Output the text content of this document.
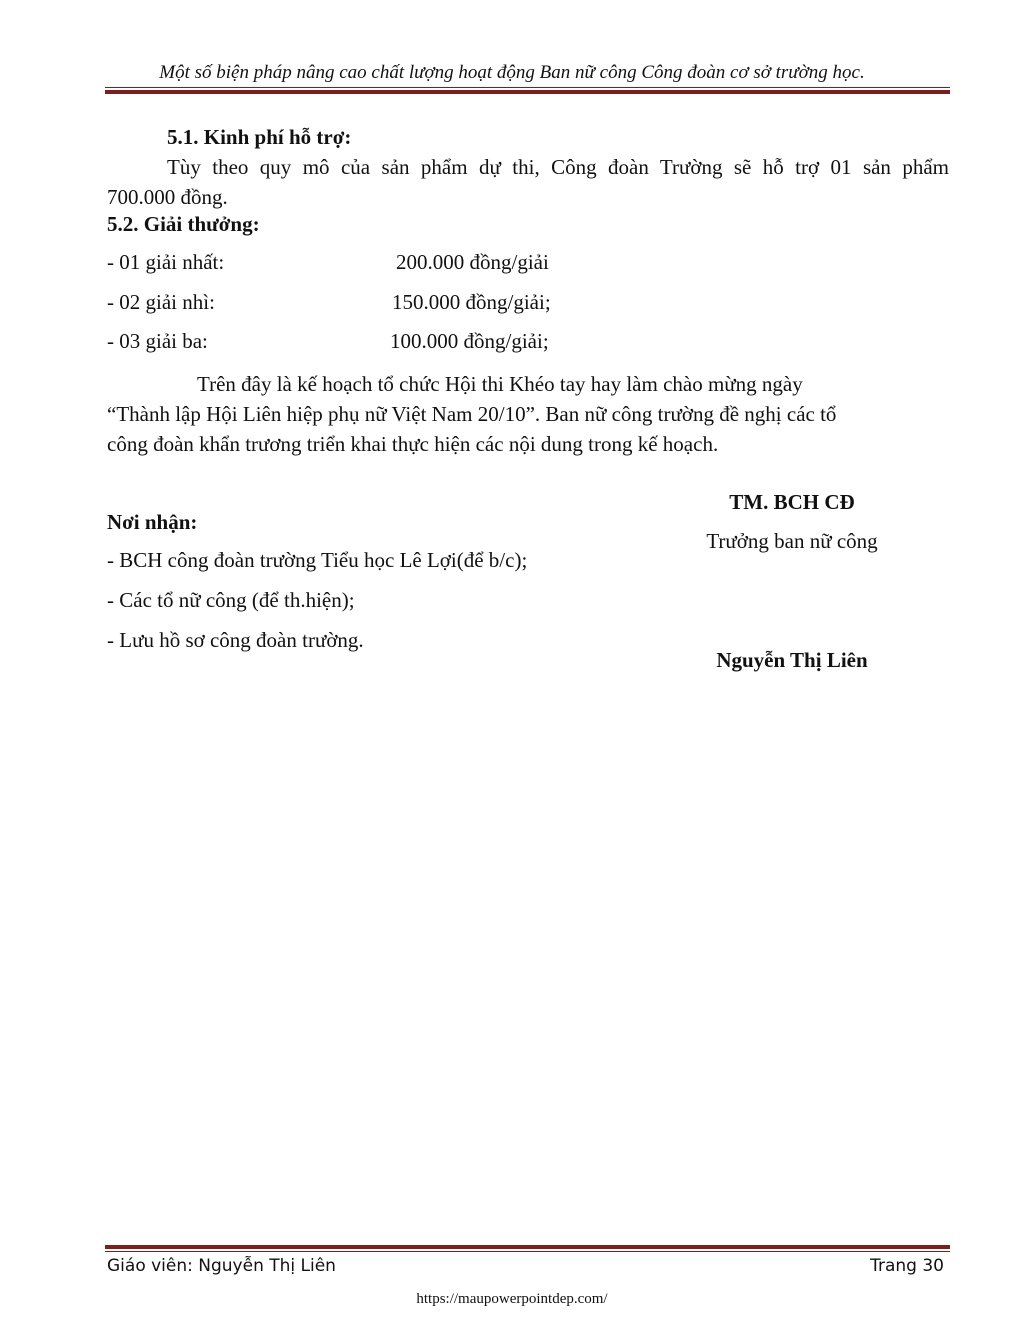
Một số biện pháp nâng cao chất lượng hoạt động Ban nữ công Công đoàn cơ sở trường học.
5.1. Kinh phí hỗ trợ:
Tùy theo quy mô của sản phẩm dự thi, Công đoàn Trường sẽ hỗ trợ 01 sản phẩm
700.000 đồng.
5.2. Giải thưởng:
- 01 giải nhất:	200.000 đồng/giải
- 02 giải nhì:	150.000 đồng/giải;
- 03 giải ba:	100.000 đồng/giải;
Trên đây là kế hoạch tổ chức Hội thi Khéo tay hay làm chào mừng ngày
“Thành lập Hội Liên hiệp phụ nữ Việt Nam 20/10”. Ban nữ công trường đề nghị các tổ
công đoàn khẩn trương triển khai thực hiện các nội dung trong kế hoạch.
Nơi nhận:
- BCH công đoàn trường Tiểu học Lê Lợi(để b/c);
- Các tổ nữ công (để th.hiện);
- Lưu hồ sơ công đoàn trường.
TM. BCH CĐ
Trưởng ban nữ công
Nguyễn Thị Liên
Giáo viên: Nguyễn Thị Liên	Trang 30
https://maupowerpointdep.com/
